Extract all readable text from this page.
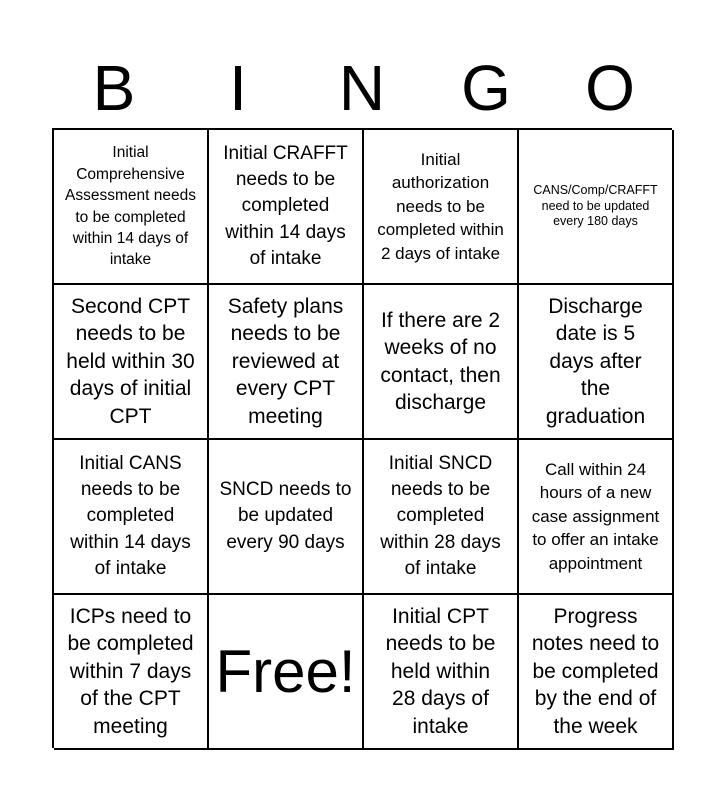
B	I	N	G	O
Initial Comprehensive Assessment needs to be completed within 14 days of intake
Initial CRAFFT needs to be completed within 14 days of intake
Initial authorization needs to be completed within 2 days of intake
CANS/Comp/CRAFFT need to be updated every 180 days
Second CPT needs to be held within 30 days of initial CPT
Safety plans needs to be reviewed at every CPT meeting
If there are 2 weeks of no contact, then discharge
Discharge date is 5 days after the graduation
Initial CANS needs to be completed within 14 days of intake
SNCD needs to be updated every 90 days
Initial SNCD needs to be completed within 28 days of intake
Call within 24 hours of a new case assignment to offer an intake appointment
ICPs need to be completed within 7 days of the CPT meeting
Free!
Initial CPT needs to be held within 28 days of intake
Progress notes need to be completed by the end of the week
